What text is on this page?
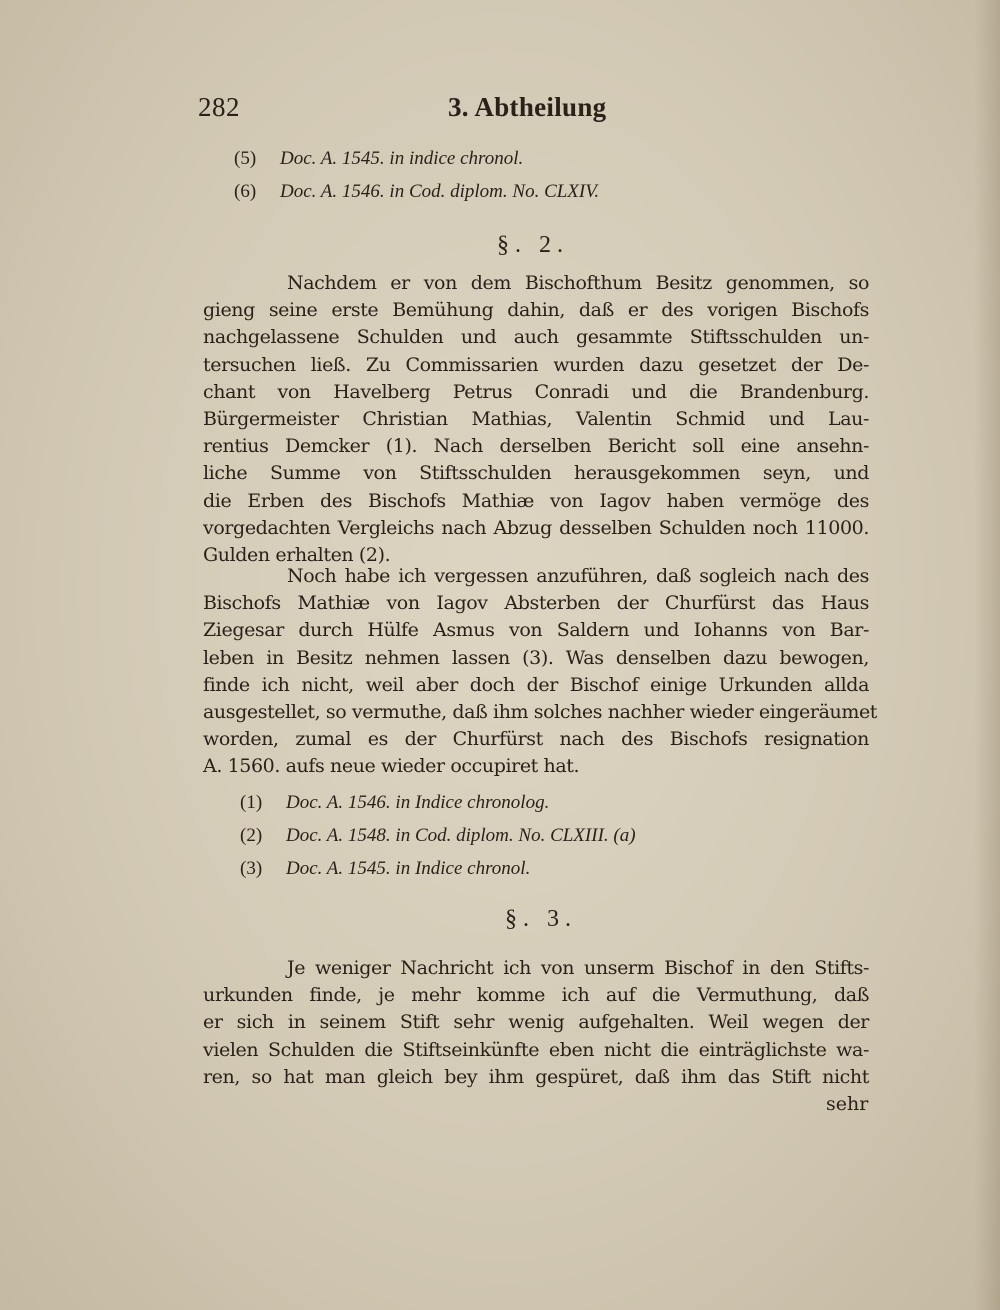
282	3. Abtheilung
(5) Doc. A. 1545. in indice chronol.
(6) Doc. A. 1546. in Cod. diplom. No. CLXIV.
§. 2.
Nachdem er von dem Bischofthum Besitz genommen, so
gieng seine erste Bemühung dahin, daß er des vorigen Bischofs
nachgelassene Schulden und auch gesammte Stiftsschulden un-
tersuchen ließ. Zu Commissarien wurden dazu gesetzet der De-
chant von Havelberg Petrus Conradi und die Brandenburg.
Bürgermeister Christian Mathias, Valentin Schmid und Lau-
rentius Demcker (1). Nach derselben Bericht soll eine ansehn-
liche Summe von Stiftsschulden herausgekommen seyn, und
die Erben des Bischofs Mathiæ von Iagov haben vermöge des
vorgedachten Vergleichs nach Abzug desselben Schulden noch 11000.
Gulden erhalten (2).
Noch habe ich vergessen anzuführen, daß sogleich nach des
Bischofs Mathiæ von Iagov Absterben der Churfürst das Haus
Ziegesar durch Hülfe Asmus von Saldern und Iohanns von Bar-
leben in Besitz nehmen lassen (3). Was denselben dazu bewogen,
finde ich nicht, weil aber doch der Bischof einige Urkunden allda
ausgestellet, so vermuthe, daß ihm solches nachher wieder eingeräumet
worden, zumal es der Churfürst nach des Bischofs resignation
A. 1560. aufs neue wieder occupiret hat.
(1) Doc. A. 1546. in Indice chronolog.
(2) Doc. A. 1548. in Cod. diplom. No. CLXIII. (a)
(3) Doc. A. 1545. in Indice chronol.
§. 3.
Je weniger Nachricht ich von unserm Bischof in den Stifts-
urkunden finde, je mehr komme ich auf die Vermuthung, daß
er sich in seinem Stift sehr wenig aufgehalten. Weil wegen der
vielen Schulden die Stiftseinkünfte eben nicht die einträglichste wa-
ren, so hat man gleich bey ihm gespüret, daß ihm das Stift nicht
sehr
